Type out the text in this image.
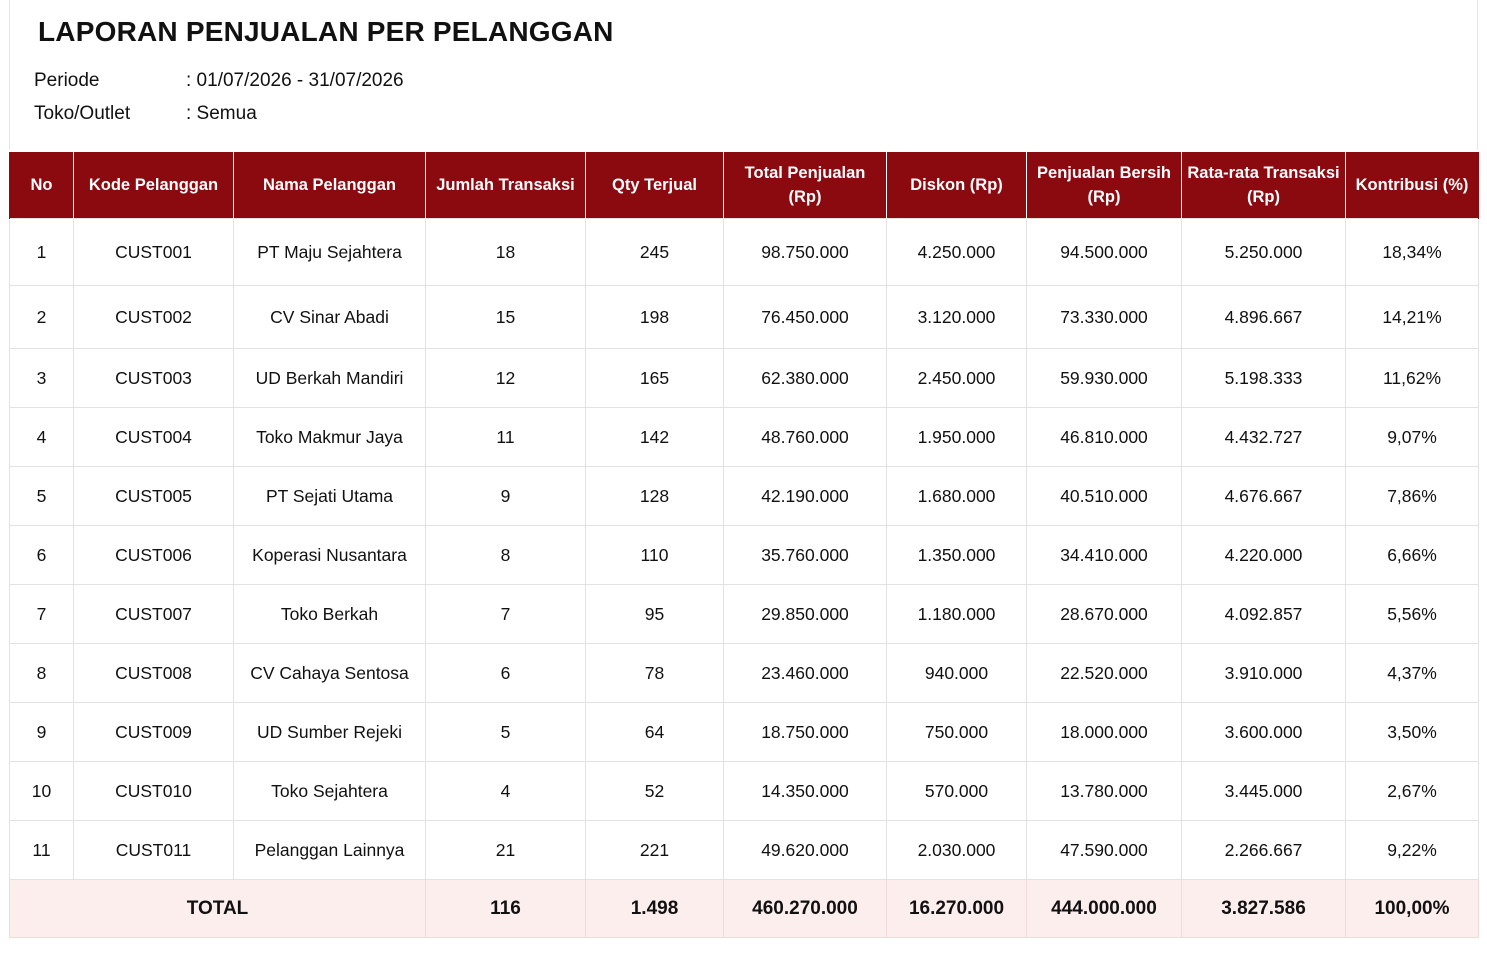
LAPORAN PENJUALAN PER PELANGGAN
Periode	: 01/07/2026 - 31/07/2026
Toko/Outlet	: Semua
No	Kode Pelanggan	Nama Pelanggan	Jumlah Transaksi	Qty Terjual	Total Penjualan (Rp)	Diskon (Rp)	Penjualan Bersih (Rp)	Rata-rata Transaksi (Rp)	Kontribusi (%)
1	CUST001	PT Maju Sejahtera	18	245	98.750.000	4.250.000	94.500.000	5.250.000	18,34%
2	CUST002	CV Sinar Abadi	15	198	76.450.000	3.120.000	73.330.000	4.896.667	14,21%
3	CUST003	UD Berkah Mandiri	12	165	62.380.000	2.450.000	59.930.000	5.198.333	11,62%
4	CUST004	Toko Makmur Jaya	11	142	48.760.000	1.950.000	46.810.000	4.432.727	9,07%
5	CUST005	PT Sejati Utama	9	128	42.190.000	1.680.000	40.510.000	4.676.667	7,86%
6	CUST006	Koperasi Nusantara	8	110	35.760.000	1.350.000	34.410.000	4.220.000	6,66%
7	CUST007	Toko Berkah	7	95	29.850.000	1.180.000	28.670.000	4.092.857	5,56%
8	CUST008	CV Cahaya Sentosa	6	78	23.460.000	940.000	22.520.000	3.910.000	4,37%
9	CUST009	UD Sumber Rejeki	5	64	18.750.000	750.000	18.000.000	3.600.000	3,50%
10	CUST010	Toko Sejahtera	4	52	14.350.000	570.000	13.780.000	3.445.000	2,67%
11	CUST011	Pelanggan Lainnya	21	221	49.620.000	2.030.000	47.590.000	2.266.667	9,22%
TOTAL			116	1.498	460.270.000	16.270.000	444.000.000	3.827.586	100,00%
